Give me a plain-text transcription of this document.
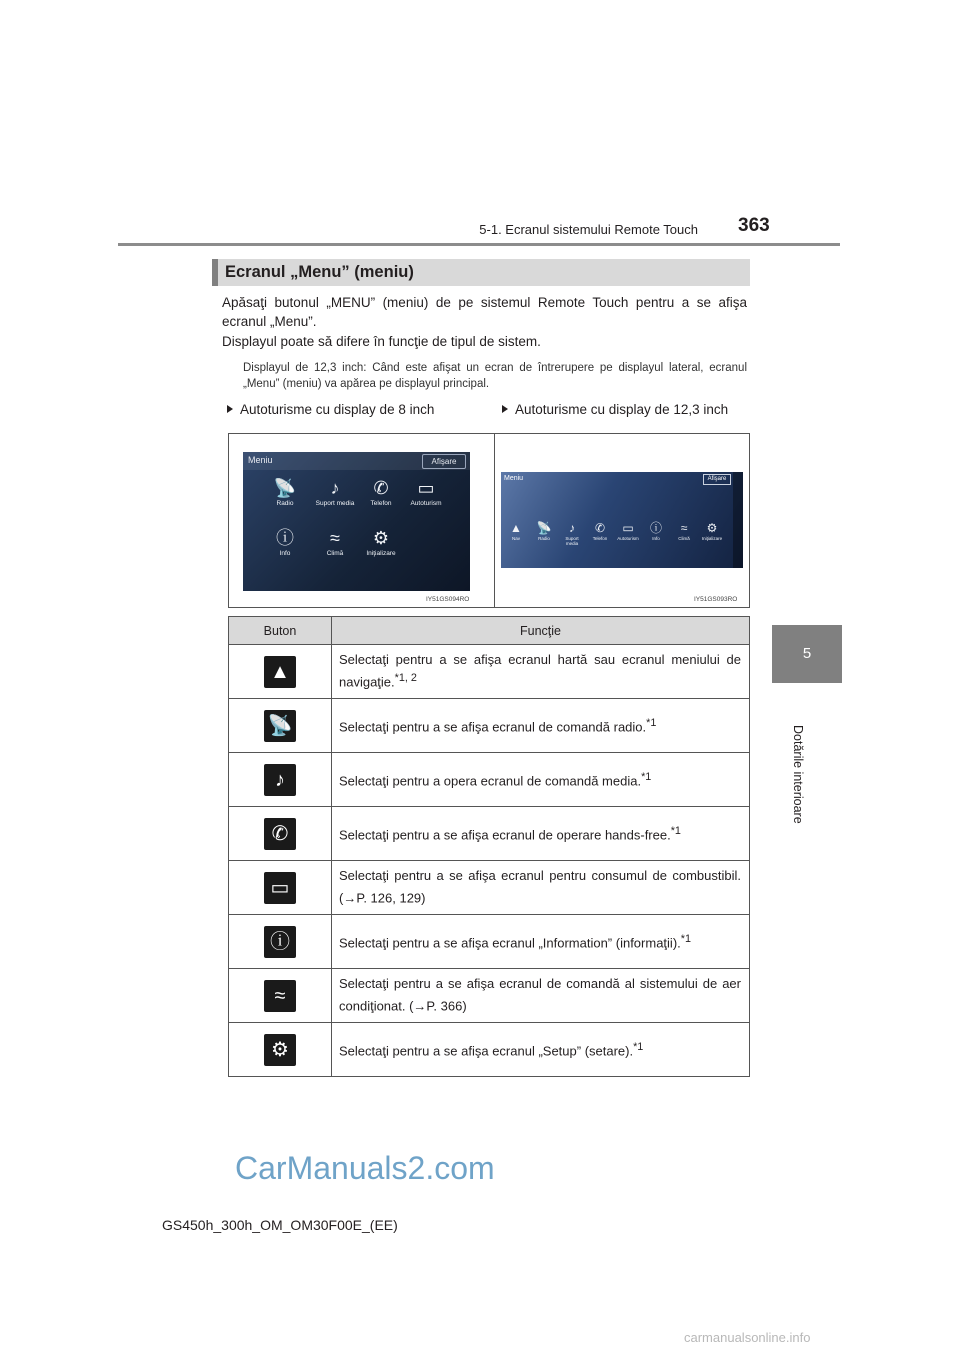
5-1. Ecranul sistemului Remote Touch 363
5
Dotările interioare
Ecranul „Menu” (meniu)
Apăsaţi butonul „MENU” (meniu) de pe sistemul Remote Touch pentru a se afişa ecranul „Menu”.
Displayul poate să difere în funcţie de tipul de sistem.
Displayul de 12,3 inch: Când este afişat un ecran de întrerupere pe displayul lateral, ecranul „Menu” (meniu) va apărea pe displayul principal.
Autoturisme cu display de 8 inch	Autoturisme cu display de 12,3 inch
Meniu	Afişare
📡
Radio
♪
Suport media
✆
Telefon
▭
Autoturism
ⓘ
Info
≈
Climă
⚙
Iniţializare
IY51GS094RO
Meniu	Afişare
▲
Nav
📡
Radio
♪
Suport media
✆
Telefon
▭
Autoturism
ⓘ
Info
≈
Climă
⚙
Iniţializare
IY51GS093RO
Buton	Funcţie
▲	Selectaţi pentru a se afişa ecranul hartă sau ecranul meniului de navigaţie.$^{*1, 2}$
📡	Selectaţi pentru a se afişa ecranul de comandă radio.$^{*1}$
♪	Selectaţi pentru a opera ecranul de comandă media.$^{*1}$
✆	Selectaţi pentru a se afişa ecranul de operare hands-free.$^{*1}$
▭	Selectaţi pentru a se afişa ecranul pentru consumul de combustibil. (→P. 126, 129)
ⓘ	Selectaţi pentru a se afişa ecranul „Information” (informaţii).$^{*1}$
≈	Selectaţi pentru a se afişa ecranul de comandă al sistemului de aer condiţionat. (→P. 366)
⚙	Selectaţi pentru a se afişa ecranul „Setup” (setare).$^{*1}$
CarManuals2.com
GS450h_300h_OM_OM30F00E_(EE)
carmanualsonline.info
